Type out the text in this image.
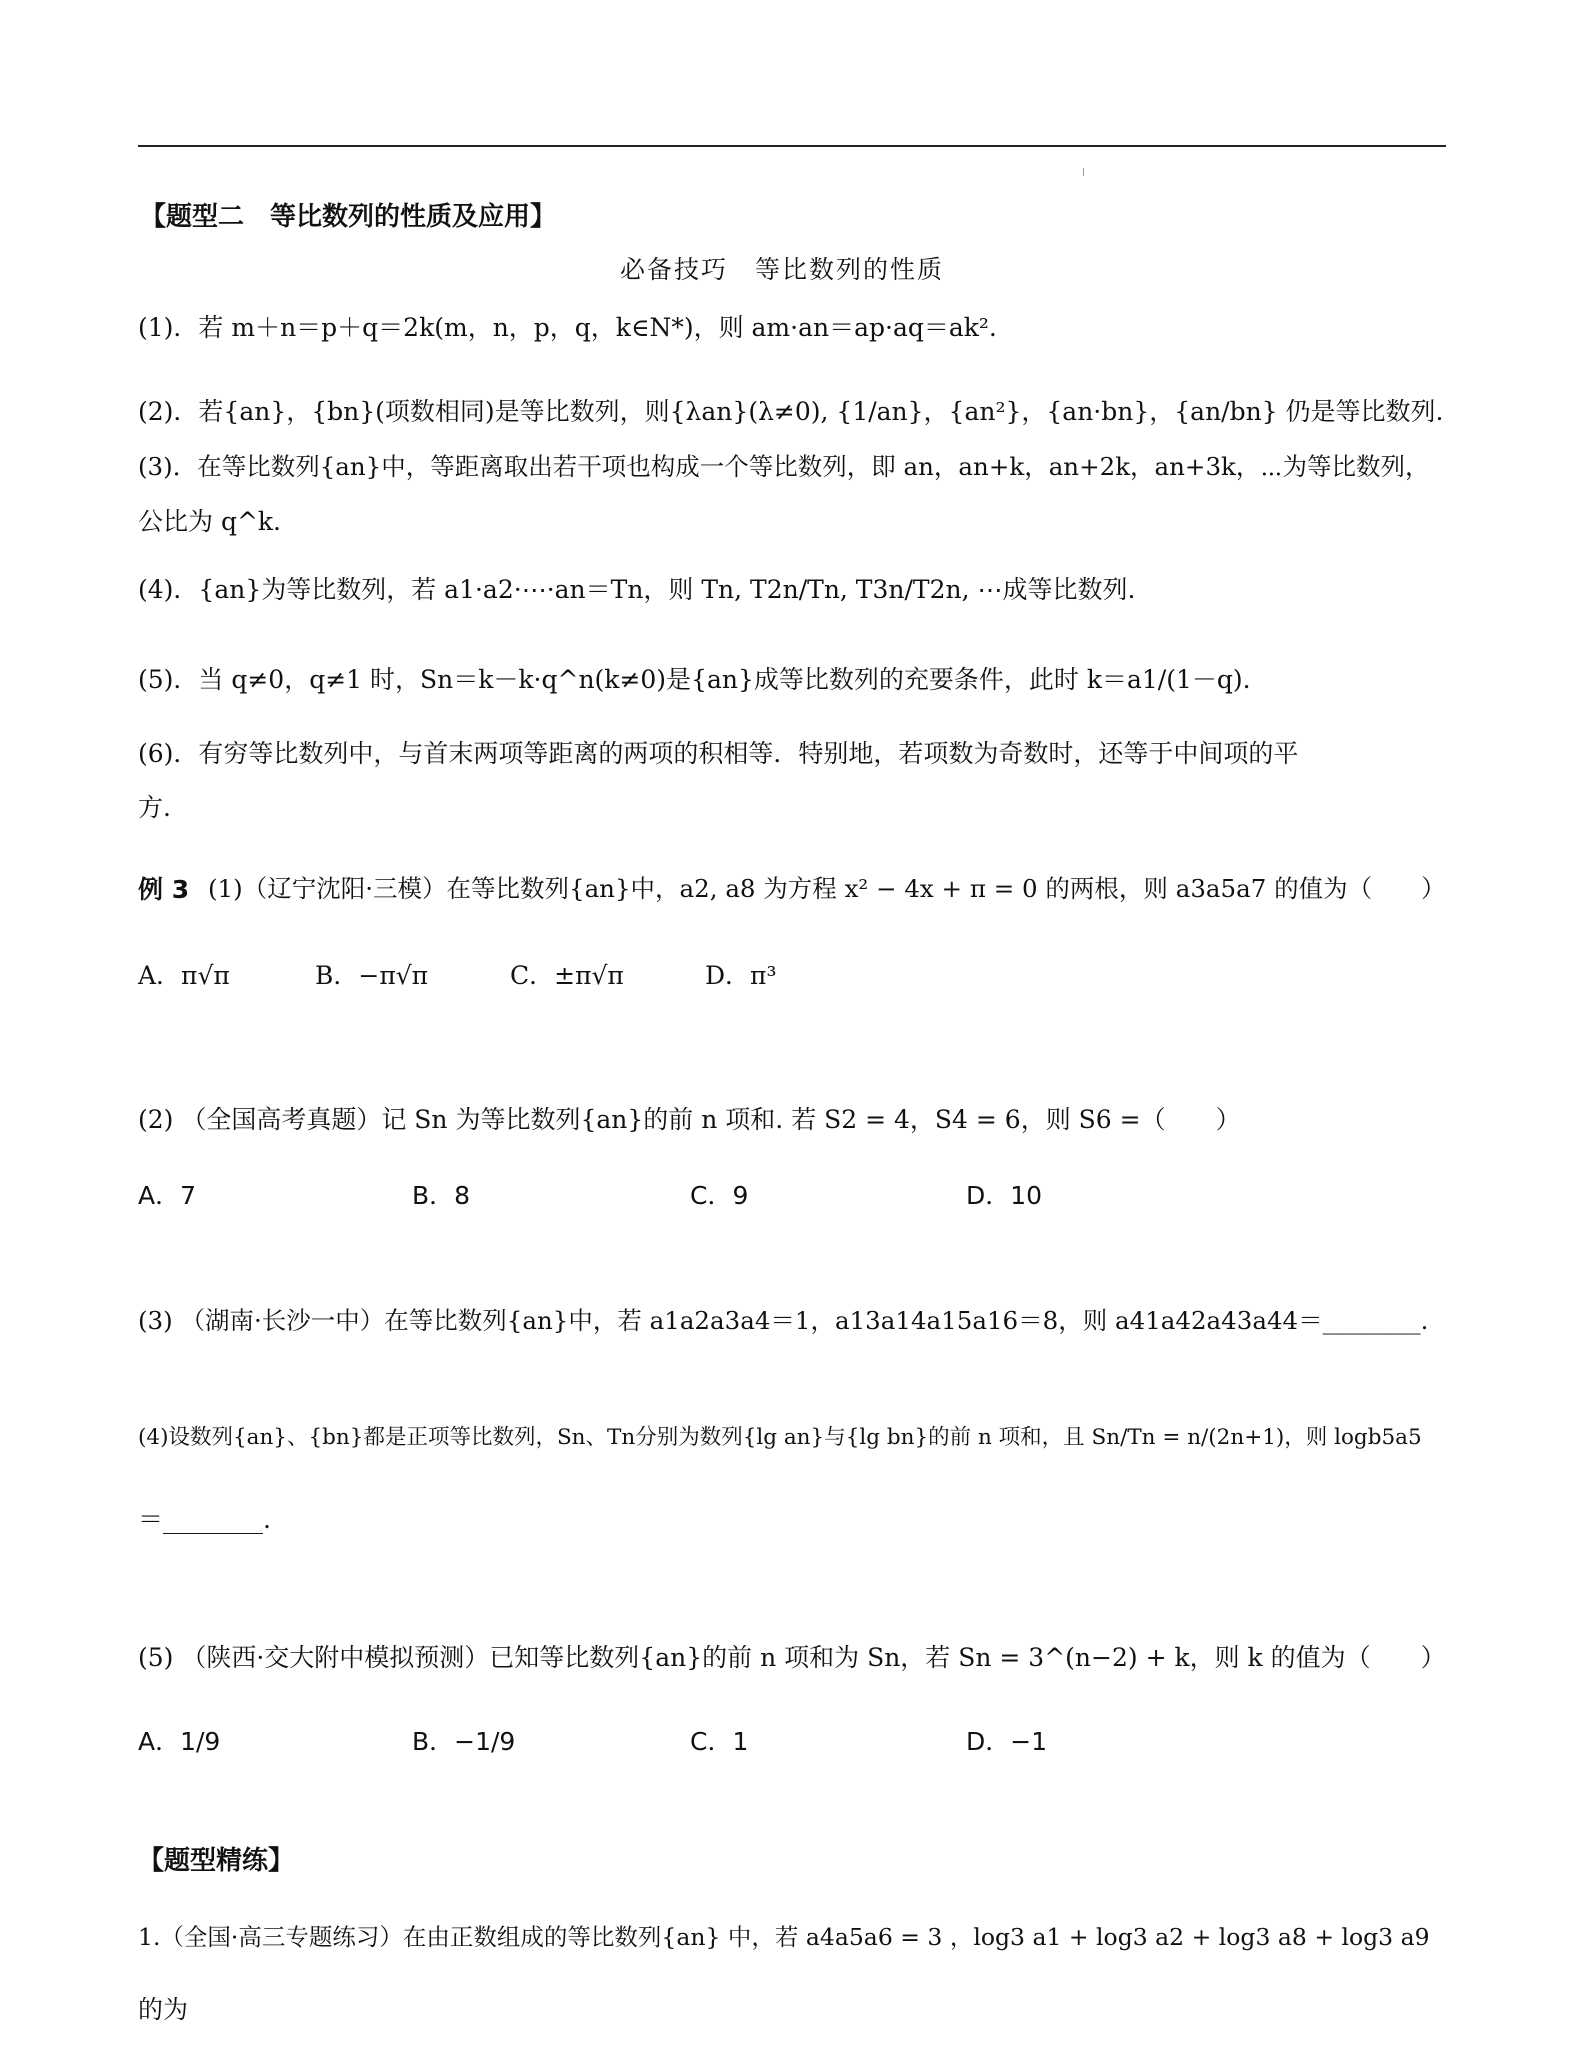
【题型二　等比数列的性质及应用】
必备技巧　等比数列的性质
(1)．若 m＋n＝p＋q＝2k(m，n，p，q，k∈N*)，则 am·an＝ap·aq＝ak².
(2)．若{an}，{bn}(项数相同)是等比数列，则{λan}(λ≠0), {1/an}，{an²}，{an·bn}，{an/bn} 仍是等比数列.
(3)．在等比数列{an}中，等距离取出若干项也构成一个等比数列，即 an，an+k，an+2k，an+3k，⋯为等比数列，
公比为 q^k.
(4)．{an}为等比数列，若 a1·a2·⋯·an＝Tn，则 Tn, T2n/Tn, T3n/T2n, ⋯成等比数列.
(5)．当 q≠0，q≠1 时，Sn＝k－k·q^n(k≠0)是{an}成等比数列的充要条件，此时 k＝a1/(1－q).
(6)．有穷等比数列中，与首末两项等距离的两项的积相等．特别地，若项数为奇数时，还等于中间项的平
方.
例 3 (1)（辽宁沈阳·三模）在等比数列{an}中，a2, a8 为方程 x² − 4x + π = 0 的两根，则 a3a5a7 的值为（　　）
A．π√π	B．−π√π	C．±π√π	D．π³
(2) （全国高考真题）记 Sn 为等比数列{an}的前 n 项和. 若 S2 = 4，S4 = 6，则 S6 =（　　）
A．7	B．8	C．9	D．10
(3) （湖南·长沙一中）在等比数列{an}中，若 a1a2a3a4＝1，a13a14a15a16＝8，则 a41a42a43a44＝________.
(4)设数列{an}、{bn}都是正项等比数列，Sn、Tn分别为数列{lg an}与{lg bn}的前 n 项和，且 Sn/Tn = n/(2n+1)，则 logb5a5
＝________.
(5) （陕西·交大附中模拟预测）已知等比数列{an}的前 n 项和为 Sn，若 Sn = 3^(n−2) + k，则 k 的值为（　　）
A．1/9	B．−1/9	C．1	D．−1
【题型精练】
1.（全国·高三专题练习）在由正数组成的等比数列{an} 中，若 a4a5a6 = 3 ，log3 a1 + log3 a2 + log3 a8 + log3 a9
的为
